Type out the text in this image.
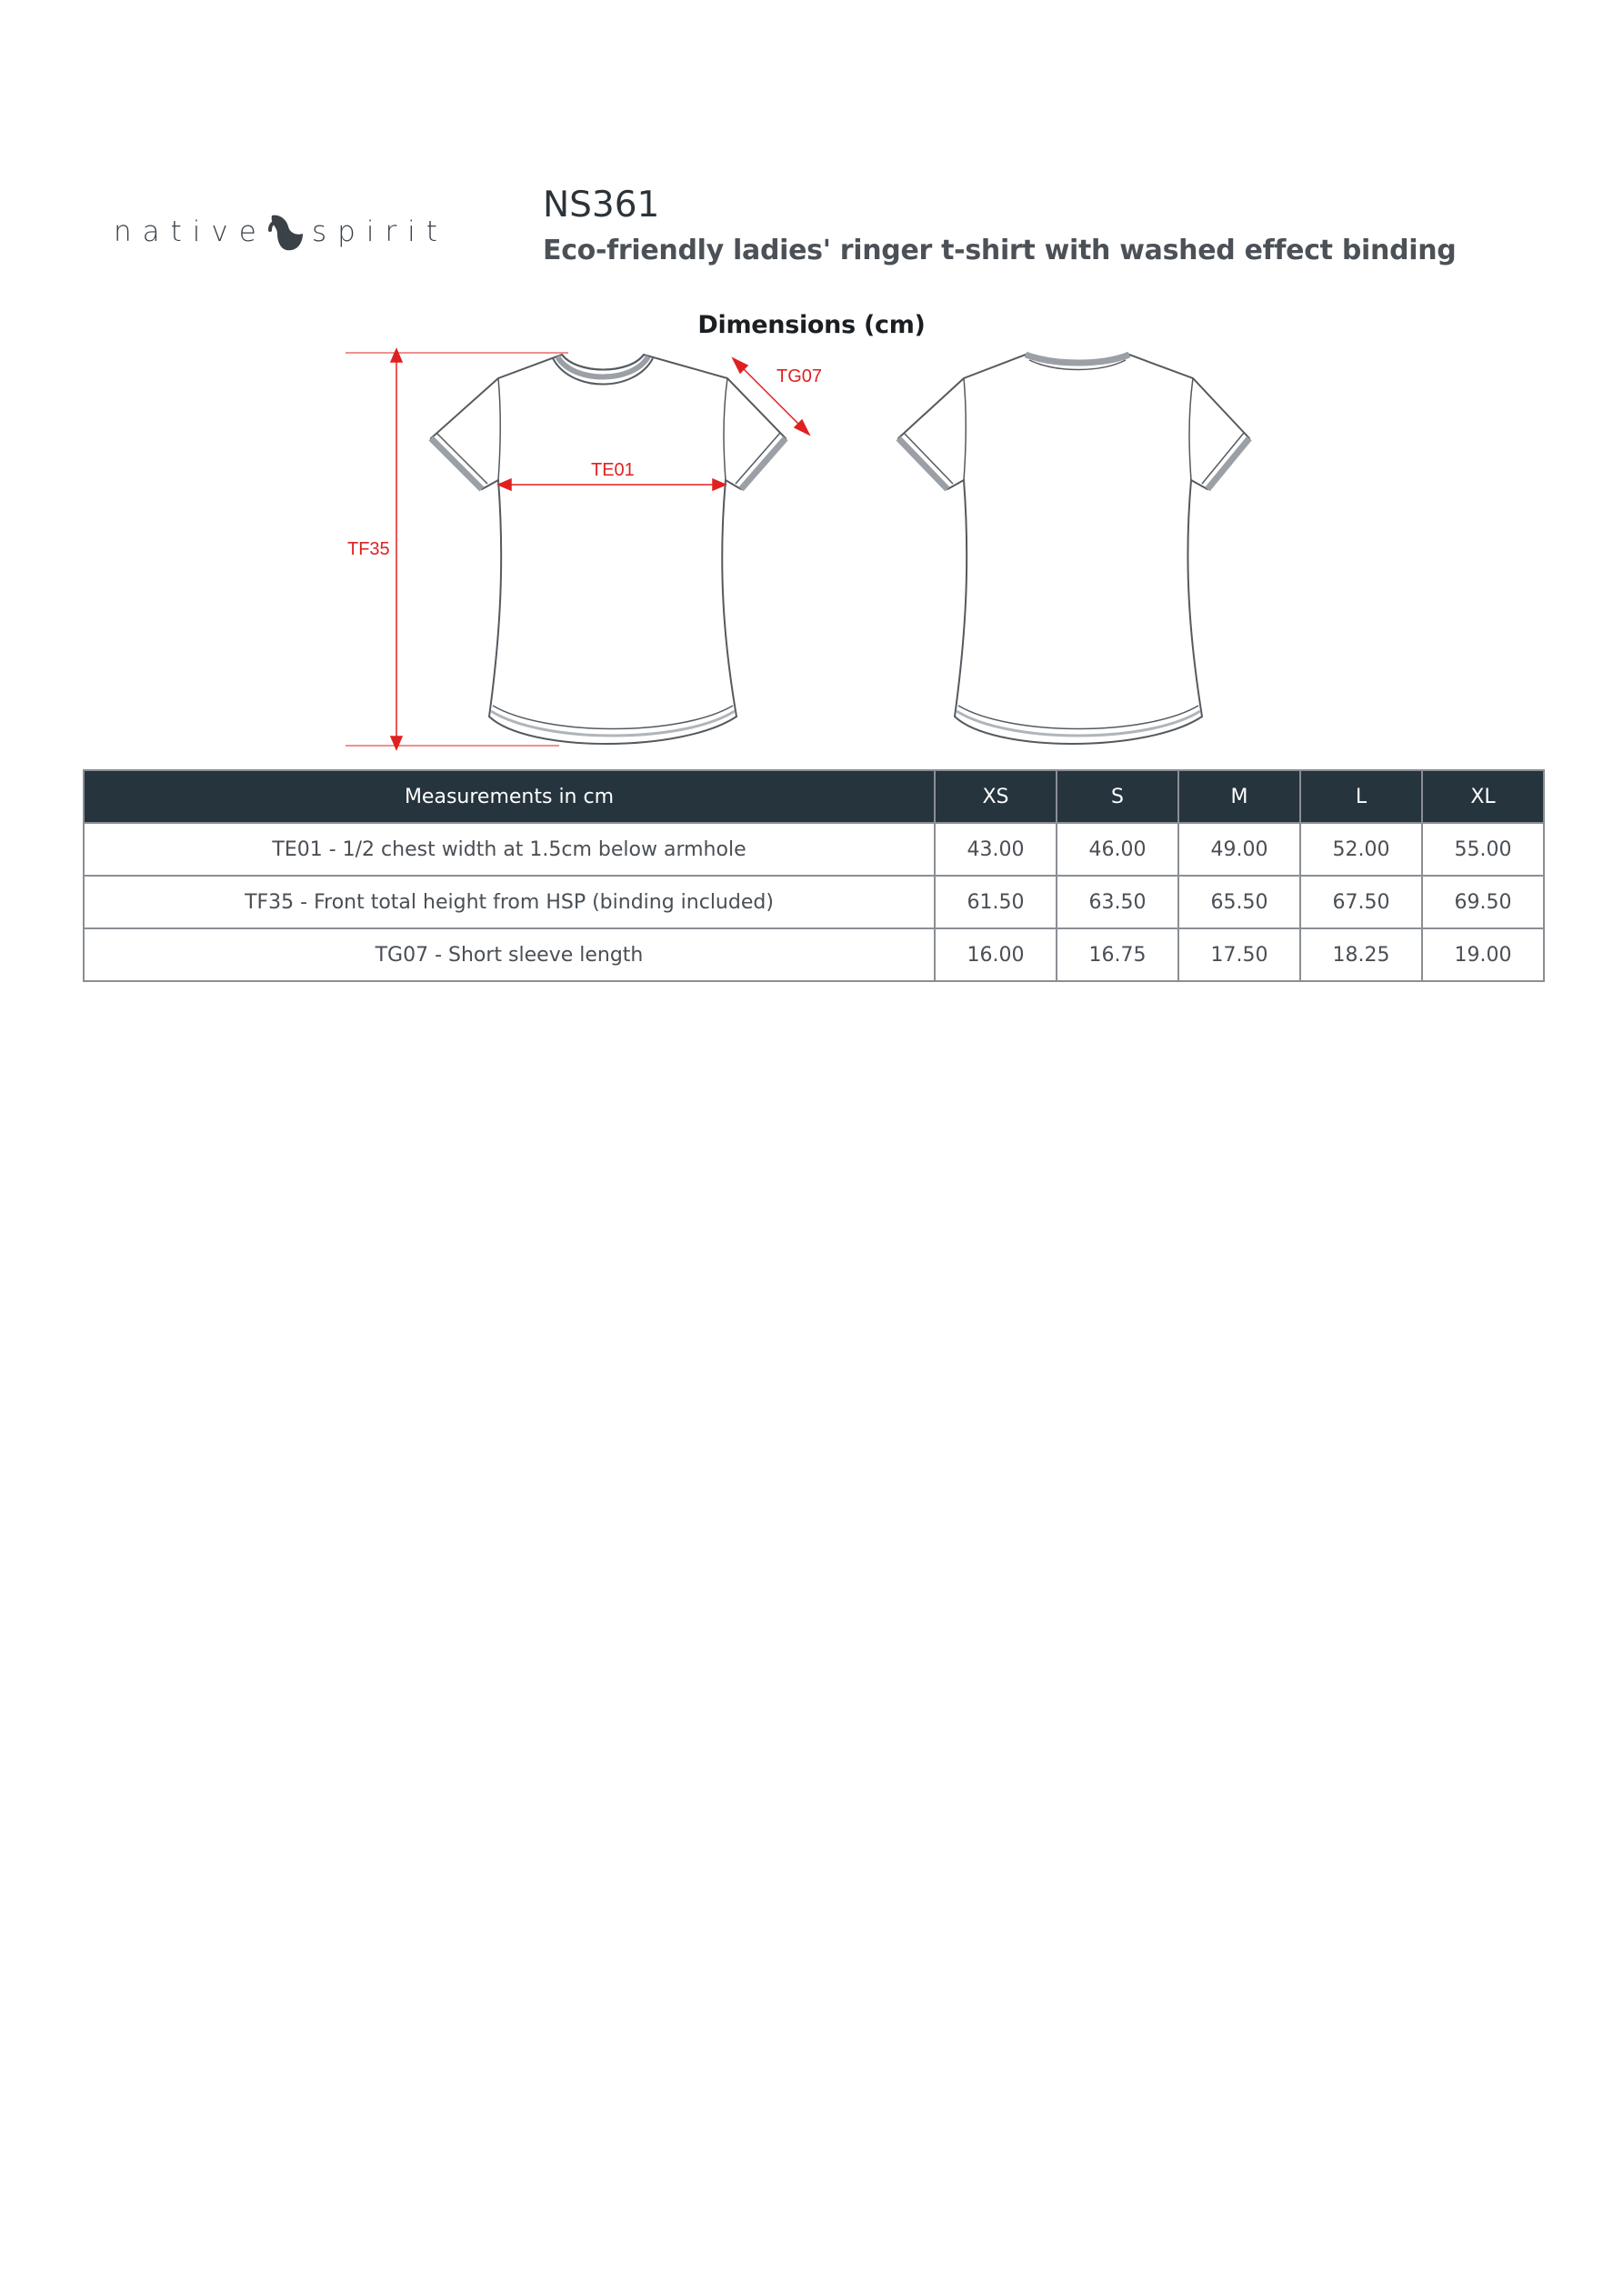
native spirit
NS361
Eco-friendly ladies' ringer t-shirt with washed effect binding
Dimensions (cm)
TE01
TF35
TG07
Measurements in cm	XS	S	M	L	XL
TE01 - 1/2 chest width at 1.5cm below armhole	43.00	46.00	49.00	52.00	55.00
TF35 - Front total height from HSP (binding included)	61.50	63.50	65.50	67.50	69.50
TG07 - Short sleeve length	16.00	16.75	17.50	18.25	19.00
